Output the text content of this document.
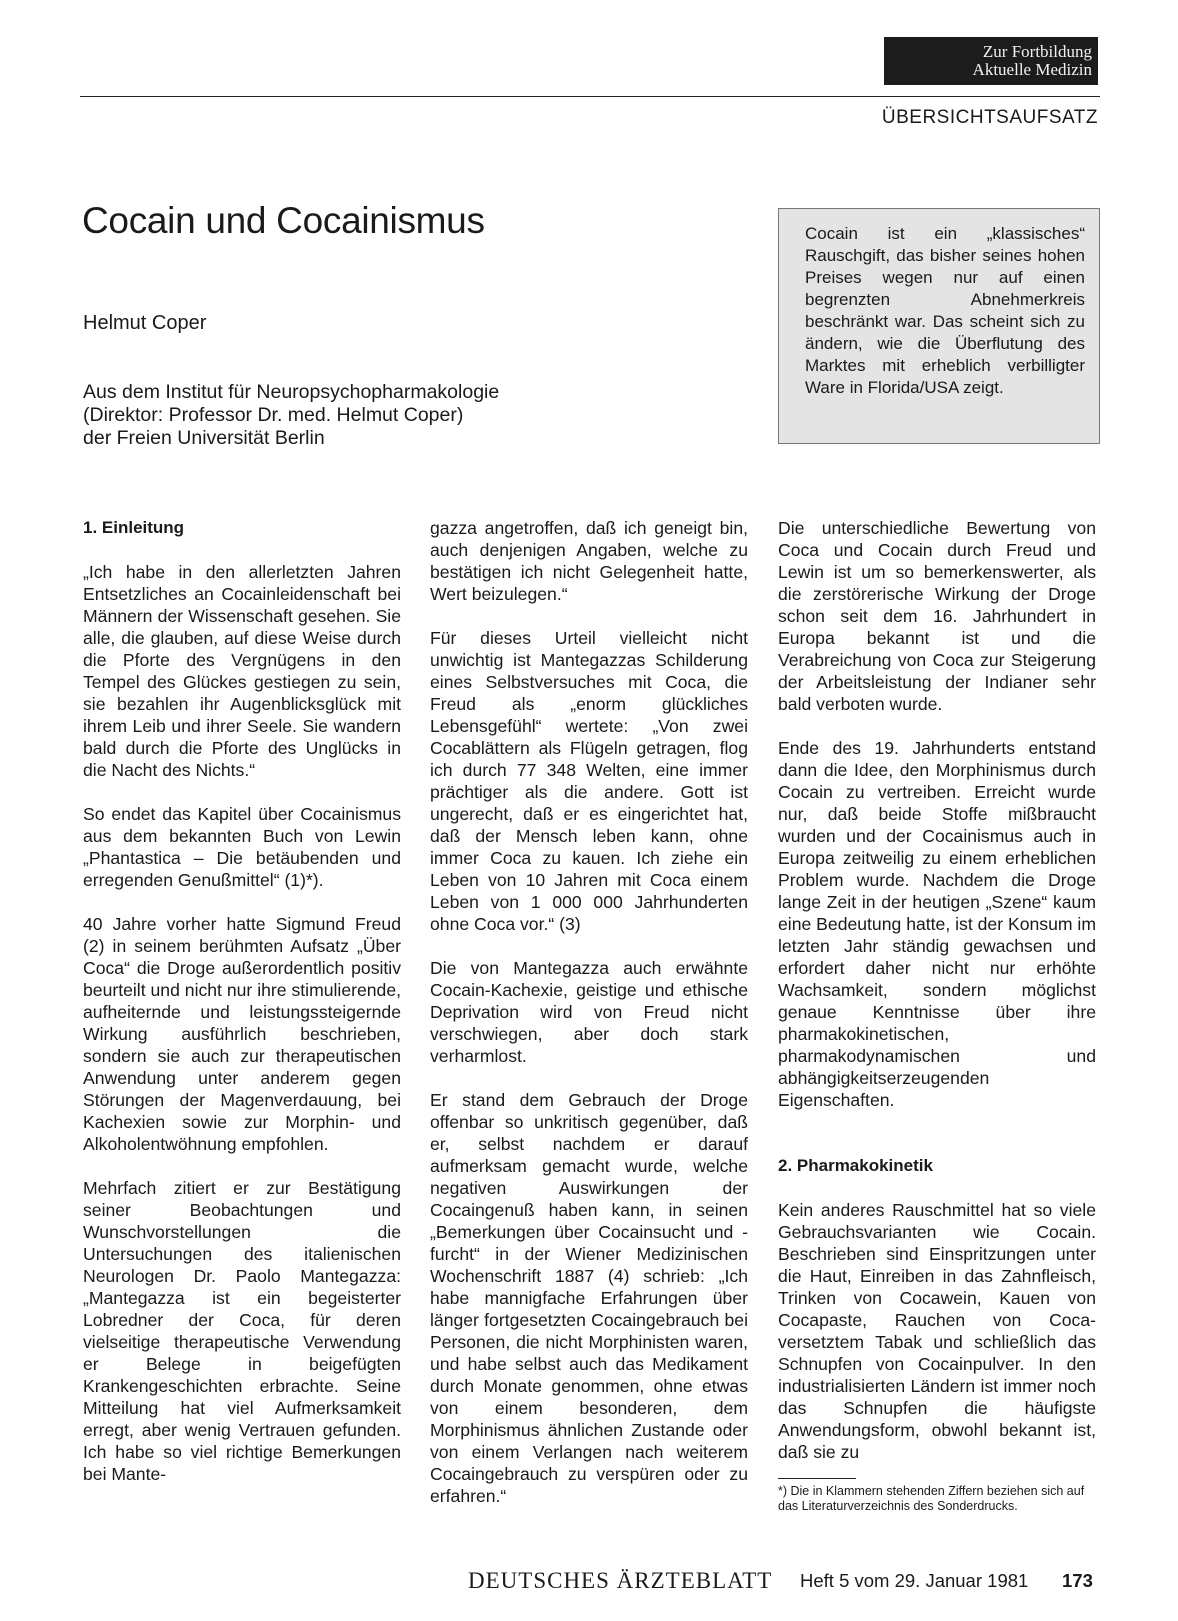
Zur Fortbildung
Aktuelle Medizin
ÜBERSICHTSAUFSATZ
Cocain und Cocainismus
Helmut Coper
Aus dem Institut für Neuropsychopharmakologie
(Direktor: Professor Dr. med. Helmut Coper)
der Freien Universität Berlin
Cocain ist ein „klassisches“ Rauschgift, das bisher seines hohen Preises wegen nur auf einen begrenzten Abnehmerkreis beschränkt war. Das scheint sich zu ändern, wie die Überflutung des Marktes mit erheblich verbilligter Ware in Florida/USA zeigt.
1. Einleitung

„Ich habe in den allerletzten Jahren Entsetzliches an Cocainleidenschaft bei Männern der Wissenschaft gesehen. Sie alle, die glauben, auf diese Weise durch die Pforte des Vergnügens in den Tempel des Glückes gestiegen zu sein, sie bezahlen ihr Augenblicksglück mit ihrem Leib und ihrer Seele. Sie wandern bald durch die Pforte des Unglücks in die Nacht des Nichts.“

So endet das Kapitel über Cocainismus aus dem bekannten Buch von Lewin „Phantastica – Die betäubenden und erregenden Genußmittel“ (1)*).

40 Jahre vorher hatte Sigmund Freud (2) in seinem berühmten Aufsatz „Über Coca“ die Droge außerordentlich positiv beurteilt und nicht nur ihre stimulierende, aufheiternde und leistungssteigernde Wirkung ausführlich beschrieben, sondern sie auch zur therapeutischen Anwendung unter anderem gegen Störungen der Magenverdauung, bei Kachexien sowie zur Morphin- und Alkoholentwöhnung empfohlen.

Mehrfach zitiert er zur Bestätigung seiner Beobachtungen und Wunschvorstellungen die Untersuchungen des italienischen Neurologen Dr. Paolo Mantegazza: „Mantegazza ist ein begeisterter Lobredner der Coca, für deren vielseitige therapeutische Verwendung er Belege in beigefügten Krankengeschichten erbrachte. Seine Mitteilung hat viel Aufmerksamkeit erregt, aber wenig Vertrauen gefunden. Ich habe so viel richtige Bemerkungen bei Mante-

gazza angetroffen, daß ich geneigt bin, auch denjenigen Angaben, welche zu bestätigen ich nicht Gelegenheit hatte, Wert beizulegen.“

Für dieses Urteil vielleicht nicht unwichtig ist Mantegazzas Schilderung eines Selbstversuches mit Coca, die Freud als „enorm glückliches Lebensgefühl“ wertete: „Von zwei Cocablättern als Flügeln getragen, flog ich durch 77 348 Welten, eine immer prächtiger als die andere. Gott ist ungerecht, daß er es eingerichtet hat, daß der Mensch leben kann, ohne immer Coca zu kauen. Ich ziehe ein Leben von 10 Jahren mit Coca einem Leben von 1 000 000 Jahrhunderten ohne Coca vor.“ (3)

Die von Mantegazza auch erwähnte Cocain-Kachexie, geistige und ethische Deprivation wird von Freud nicht verschwiegen, aber doch stark verharmlost.

Er stand dem Gebrauch der Droge offenbar so unkritisch gegenüber, daß er, selbst nachdem er darauf aufmerksam gemacht wurde, welche negativen Auswirkungen der Cocaingenuß haben kann, in seinen „Bemerkungen über Cocainsucht und -furcht“ in der Wiener Medizinischen Wochenschrift 1887 (4) schrieb: „Ich habe mannigfache Erfahrungen über länger fortgesetzten Cocaingebrauch bei Personen, die nicht Morphinisten waren, und habe selbst auch das Medikament durch Monate genommen, ohne etwas von einem besonderen, dem Morphinismus ähnlichen Zustande oder von einem Verlangen nach weiterem Cocaingebrauch zu verspüren oder zu erfahren.“

Die unterschiedliche Bewertung von Coca und Cocain durch Freud und Lewin ist um so bemerkenswerter, als die zerstörerische Wirkung der Droge schon seit dem 16. Jahrhundert in Europa bekannt ist und die Verabreichung von Coca zur Steigerung der Arbeitsleistung der Indianer sehr bald verboten wurde.

Ende des 19. Jahrhunderts entstand dann die Idee, den Morphinismus durch Cocain zu vertreiben. Erreicht wurde nur, daß beide Stoffe mißbraucht wurden und der Cocainismus auch in Europa zeitweilig zu einem erheblichen Problem wurde. Nachdem die Droge lange Zeit in der heutigen „Szene“ kaum eine Bedeutung hatte, ist der Konsum im letzten Jahr ständig gewachsen und erfordert daher nicht nur erhöhte Wachsamkeit, sondern möglichst genaue Kenntnisse über ihre pharmakokinetischen, pharmakodynamischen und abhängigkeitserzeugenden Eigenschaften.

2. Pharmakokinetik

Kein anderes Rauschmittel hat so viele Gebrauchsvarianten wie Cocain. Beschrieben sind Einspritzungen unter die Haut, Einreiben in das Zahnfleisch, Trinken von Cocawein, Kauen von Cocapaste, Rauchen von Coca-versetztem Tabak und schließlich das Schnupfen von Cocainpulver. In den industrialisierten Ländern ist immer noch das Schnupfen die häufigste Anwendungsform, obwohl bekannt ist, daß sie zu

*) Die in Klammern stehenden Ziffern beziehen sich auf das Literaturverzeichnis des Sonderdrucks.
DEUTSCHES ÄRZTEBLATT Heft 5 vom 29. Januar 1981 173
